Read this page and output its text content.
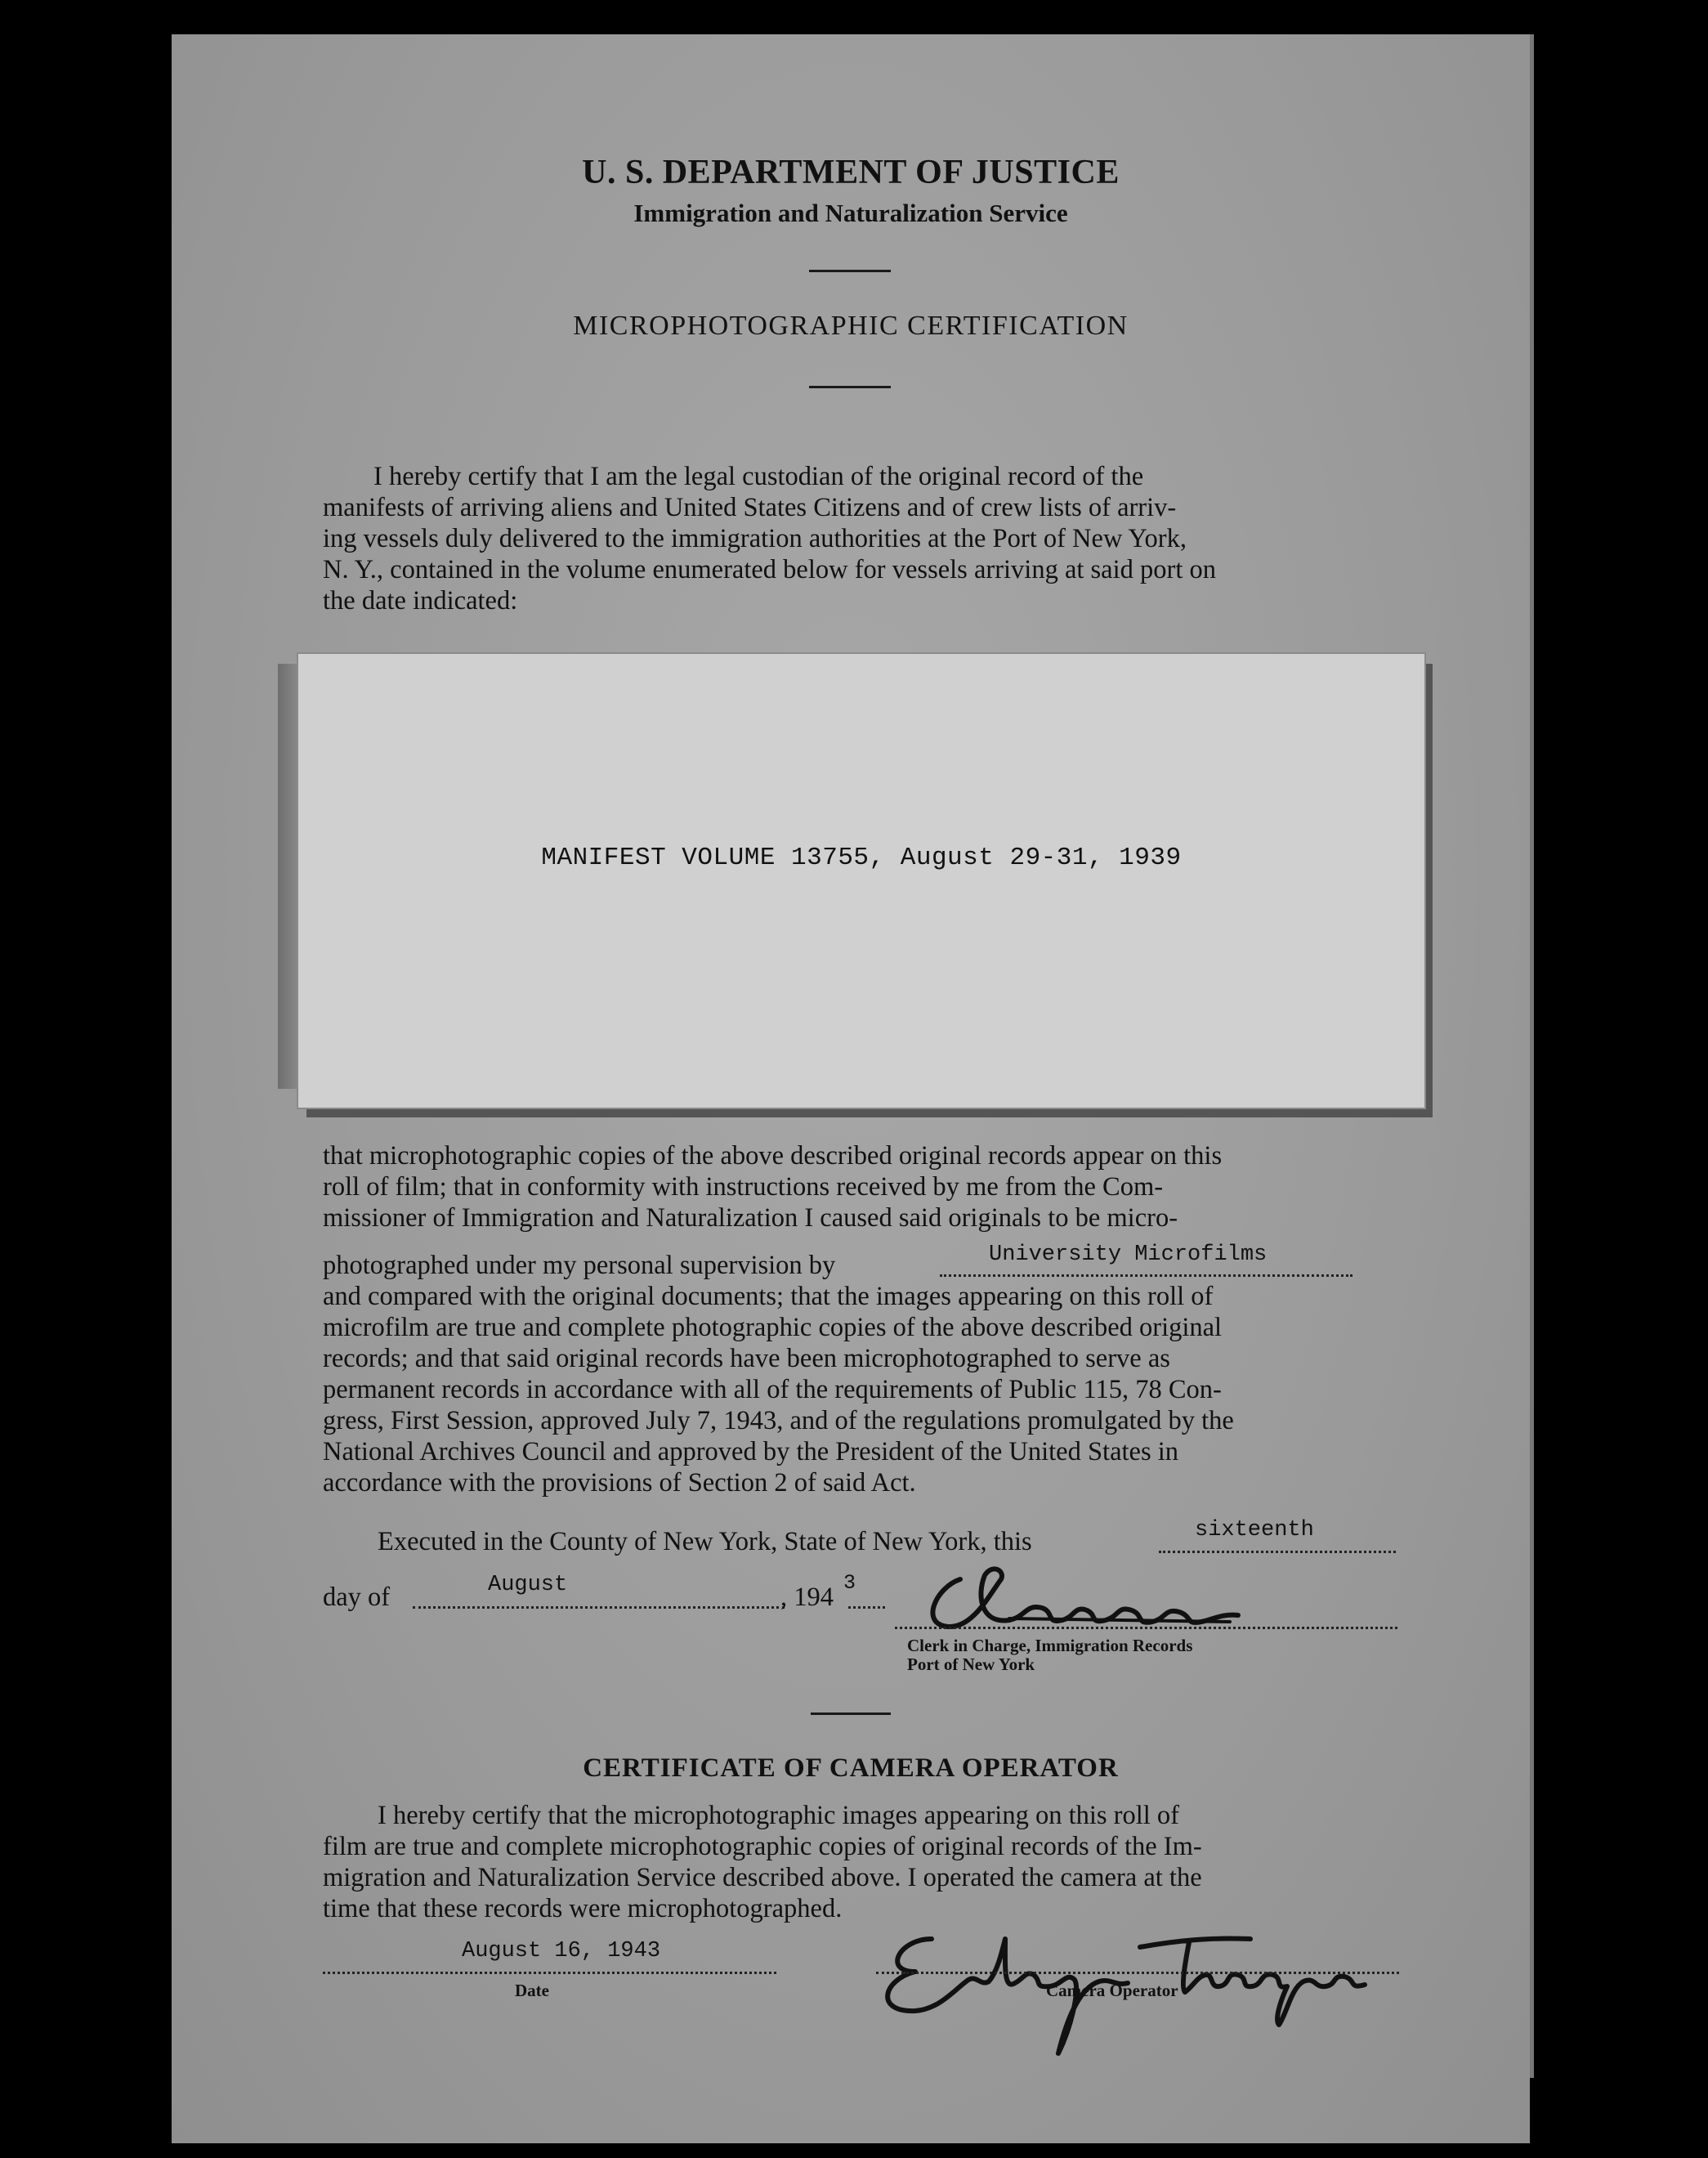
U. S. DEPARTMENT OF JUSTICE
Immigration and Naturalization Service
MICROPHOTOGRAPHIC CERTIFICATION
I hereby certify that I am the legal custodian of the original record of the
manifests of arriving aliens and United States Citizens and of crew lists of arriv-
ing vessels duly delivered to the immigration authorities at the Port of New York,
N. Y., contained in the volume enumerated below for vessels arriving at said port on
the date indicated:
MANIFEST VOLUME 13755, August 29-31, 1939
that microphotographic copies of the above described original records appear on this
roll of film; that in conformity with instructions received by me from the Com-
missioner of Immigration and Naturalization I caused said originals to be micro-
photographed under my personal supervision by	University Microfilms
and compared with the original documents; that the images appearing on this roll of
microfilm are true and complete photographic copies of the above described original
records; and that said original records have been microphotographed to serve as
permanent records in accordance with all of the requirements of Public 115, 78 Con-
gress, First Session, approved July 7, 1943, and of the regulations promulgated by the
National Archives Council and approved by the President of the United States in
accordance with the provisions of Section 2 of said Act.
Executed in the County of New York, State of New York, this	sixteenth
day of	August	, 194 3
Clerk in Charge, Immigration Records
Port of New York
CERTIFICATE OF CAMERA OPERATOR
I hereby certify that the microphotographic images appearing on this roll of
film are true and complete microphotographic copies of original records of the Im-
migration and Naturalization Service described above. I operated the camera at the
time that these records were microphotographed.
August 16, 1943
Date	Camera Operator
